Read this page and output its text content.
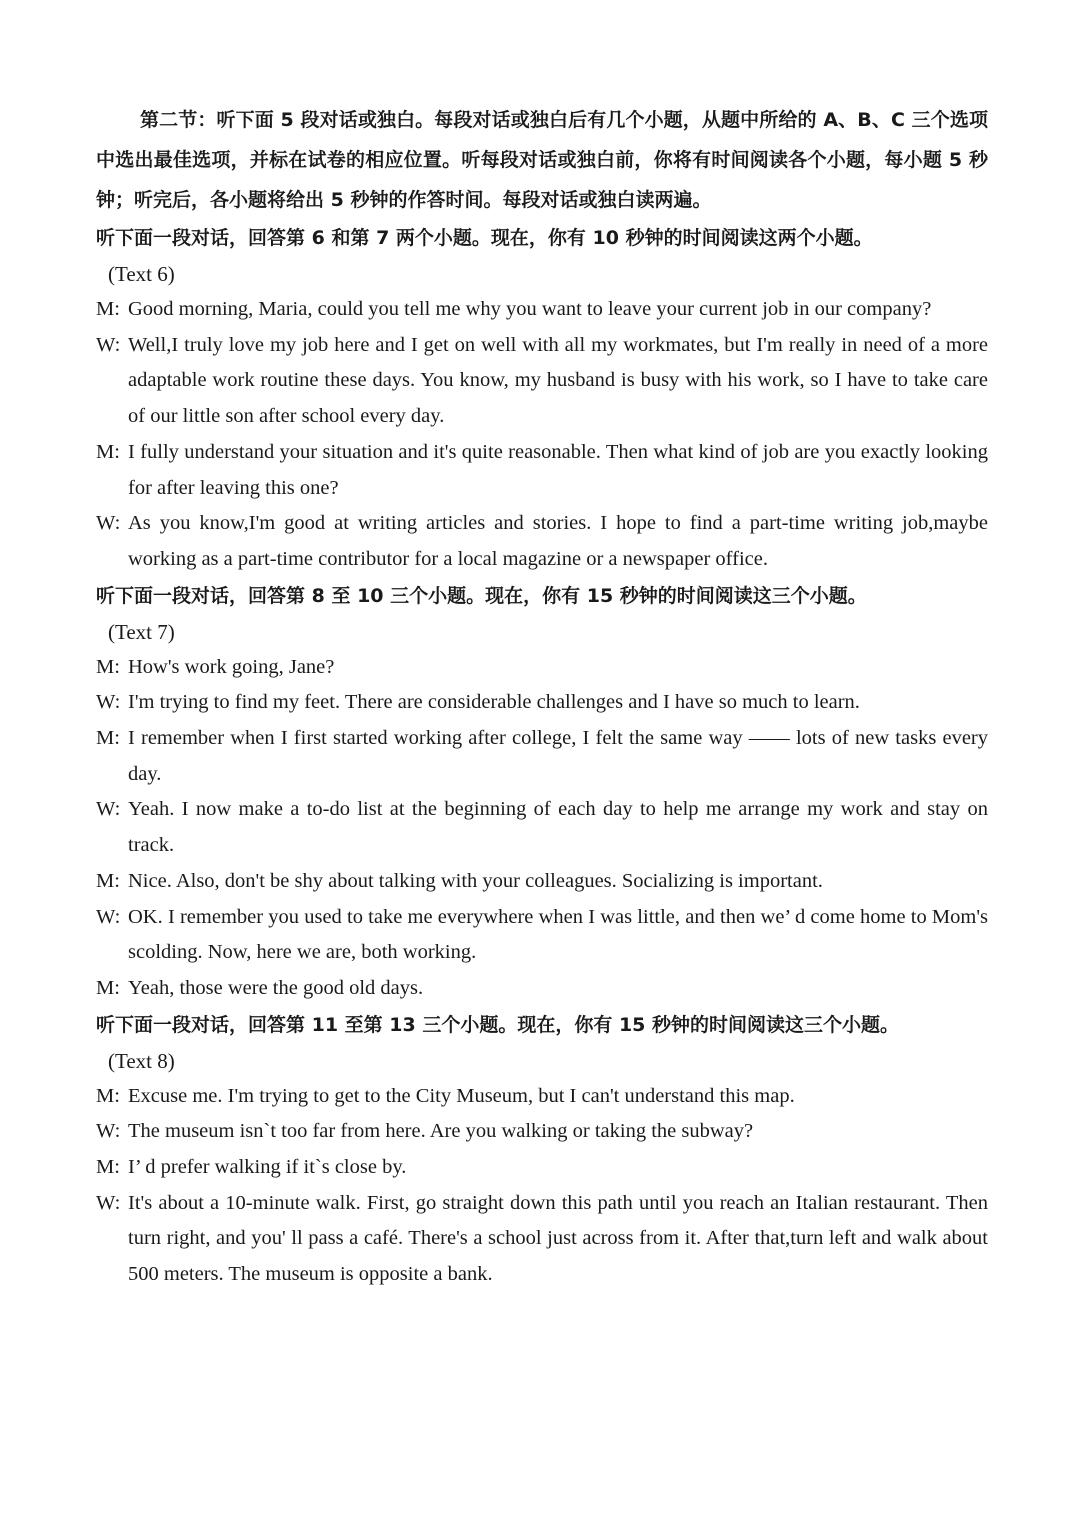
第二节：听下面 5 段对话或独白。每段对话或独白后有几个小题，从题中所给的 A、B、C 三个选项中选出最佳选项，并标在试卷的相应位置。听每段对话或独白前，你将有时间阅读各个小题，每小题 5 秒钟；听完后，各小题将给出 5 秒钟的作答时间。每段对话或独白读两遍。

听下面一段对话，回答第 6 和第 7 两个小题。现在，你有 10 秒钟的时间阅读这两个小题。

(Text 6)

M: Good morning, Maria, could you tell me why you want to leave your current job in our company?
W: Well,I truly love my job here and I get on well with all my workmates, but I'm really in need of a more adaptable work routine these days. You know, my husband is busy with his work, so I have to take care of our little son after school every day.
M: I fully understand your situation and it's quite reasonable. Then what kind of job are you exactly looking for after leaving this one?
W: As you know,I'm good at writing articles and stories. I hope to find a part-time writing job,maybe working as a part-time contributor for a local magazine or a newspaper office.

听下面一段对话，回答第 8 至 10 三个小题。现在，你有 15 秒钟的时间阅读这三个小题。

(Text 7)

M: How's work going, Jane?
W: I'm trying to find my feet. There are considerable challenges and I have so much to learn.
M: I remember when I first started working after college, I felt the same way —— lots of new tasks every day.
W: Yeah. I now make a to-do list at the beginning of each day to help me arrange my work and stay on track.
M: Nice. Also, don't be shy about talking with your colleagues. Socializing is important.
W: OK. I remember you used to take me everywhere when I was little, and then we’ d come home to Mom's scolding. Now, here we are, both working.
M: Yeah, those were the good old days.

听下面一段对话，回答第 11 至第 13 三个小题。现在，你有 15 秒钟的时间阅读这三个小题。

(Text 8)

M: Excuse me. I'm trying to get to the City Museum, but I can't understand this map.
W: The museum isn`t too far from here. Are you walking or taking the subway?
M: I’ d prefer walking if it`s close by.
W: It's about a 10-minute walk. First, go straight down this path until you reach an Italian restaurant. Then turn right, and you' ll pass a café. There's a school just across from it. After that,turn left and walk about 500 meters. The museum is opposite a bank.
